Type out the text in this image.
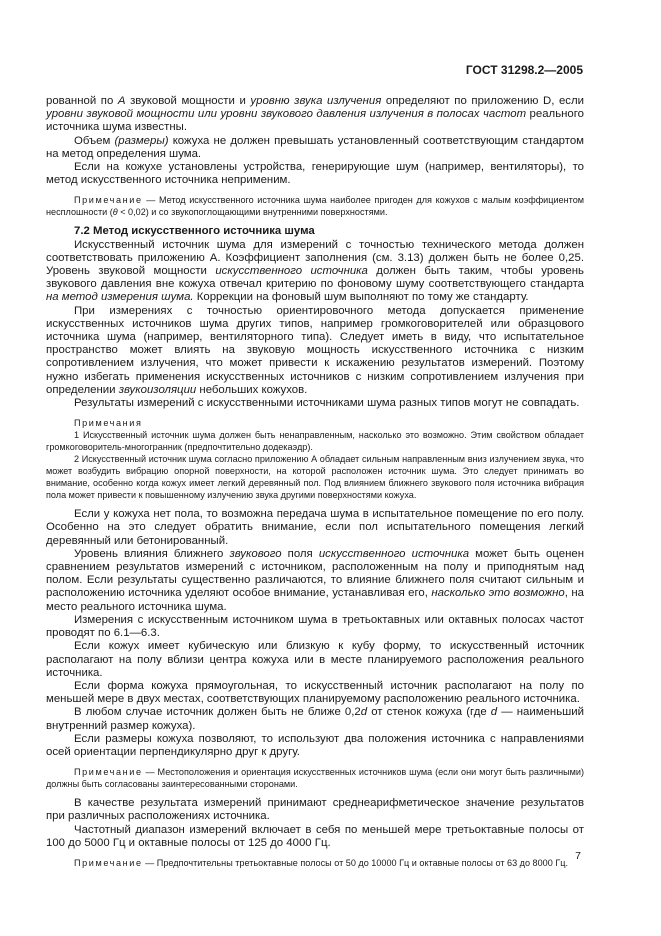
ГОСТ 31298.2—2005

рованной по А звуковой мощности и уровню звука излучения определяют по приложению D, если уровни звуковой мощности или уровни звукового давления излучения в полосах частот реального источника шума известны.

Объем (размеры) кожуха не должен превышать установленный соответствующим стандартом на метод определения шума.

Если на кожухе установлены устройства, генерирующие шум (например, вентиляторы), то метод искусственного источника неприменим.

Примечание — Метод искусственного источника шума наиболее пригоден для кожухов с малым коэффициентом несплошности (θ < 0,02) и со звукопоглощающими внутренними поверхностями.

7.2 Метод искусственного источника шума

Искусственный источник шума для измерений с точностью технического метода должен соответствовать приложению А. Коэффициент заполнения (см. 3.13) должен быть не более 0,25. Уровень звуковой мощности искусственного источника должен быть таким, чтобы уровень звукового давления вне кожуха отвечал критерию по фоновому шуму соответствующего стандарта на метод измерения шума. Коррекции на фоновый шум выполняют по тому же стандарту.

При измерениях с точностью ориентировочного метода допускается применение искусственных источников шума других типов, например громкоговорителей или образцового источника шума (например, вентиляторного типа). Следует иметь в виду, что испытательное пространство может влиять на звуковую мощность искусственного источника с низким сопротивлением излучения, что может привести к искажению результатов измерений. Поэтому нужно избегать применения искусственных источников с низким сопротивлением излучения при определении звукоизоляции небольших кожухов.

Результаты измерений с искусственными источниками шума разных типов могут не совпадать.

Примечания

1 Искусственный источник шума должен быть ненаправленным, насколько это возможно. Этим свойством обладает громкоговоритель-многогранник (предпочтительно додекаэдр).

2 Искусственный источник шума согласно приложению А обладает сильным направленным вниз излучением звука, что может возбудить вибрацию опорной поверхности, на которой расположен источник шума. Это следует принимать во внимание, особенно когда кожух имеет легкий деревянный пол. Под влиянием ближнего звукового поля источника вибрация пола может привести к повышенному излучению звука другими поверхностями кожуха.

Если у кожуха нет пола, то возможна передача шума в испытательное помещение по его полу. Особенно на это следует обратить внимание, если пол испытательного помещения легкий деревянный или бетонированный.

Уровень влияния ближнего звукового поля искусственного источника может быть оценен сравнением результатов измерений с источником, расположенным на полу и приподнятым над полом. Если результаты существенно различаются, то влияние ближнего поля считают сильным и расположению источника уделяют особое внимание, устанавливая его, насколько это возможно, на место реального источника шума.

Измерения с искусственным источником шума в третьоктавных или октавных полосах частот проводят по 6.1—6.3.

Если кожух имеет кубическую или близкую к кубу форму, то искусственный источник располагают на полу вблизи центра кожуха или в месте планируемого расположения реального источника.

Если форма кожуха прямоугольная, то искусственный источник располагают на полу по меньшей мере в двух местах, соответствующих планируемому расположению реального источника.

В любом случае источник должен быть не ближе 0,2d от стенок кожуха (где d — наименьший внутренний размер кожуха).

Если размеры кожуха позволяют, то используют два положения источника с направлениями осей ориентации перпендикулярно друг к другу.

Примечание — Местоположения и ориентация искусственных источников шума (если они могут быть различными) должны быть согласованы заинтересованными сторонами.

В качестве результата измерений принимают среднеарифметическое значение результатов при различных расположениях источника.

Частотный диапазон измерений включает в себя по меньшей мере третьоктавные полосы от 100 до 5000 Гц и октавные полосы от 125 до 4000 Гц.

Примечание — Предпочтительны третьоктавные полосы от 50 до 10000 Гц и октавные полосы от 63 до 8000 Гц.

7
